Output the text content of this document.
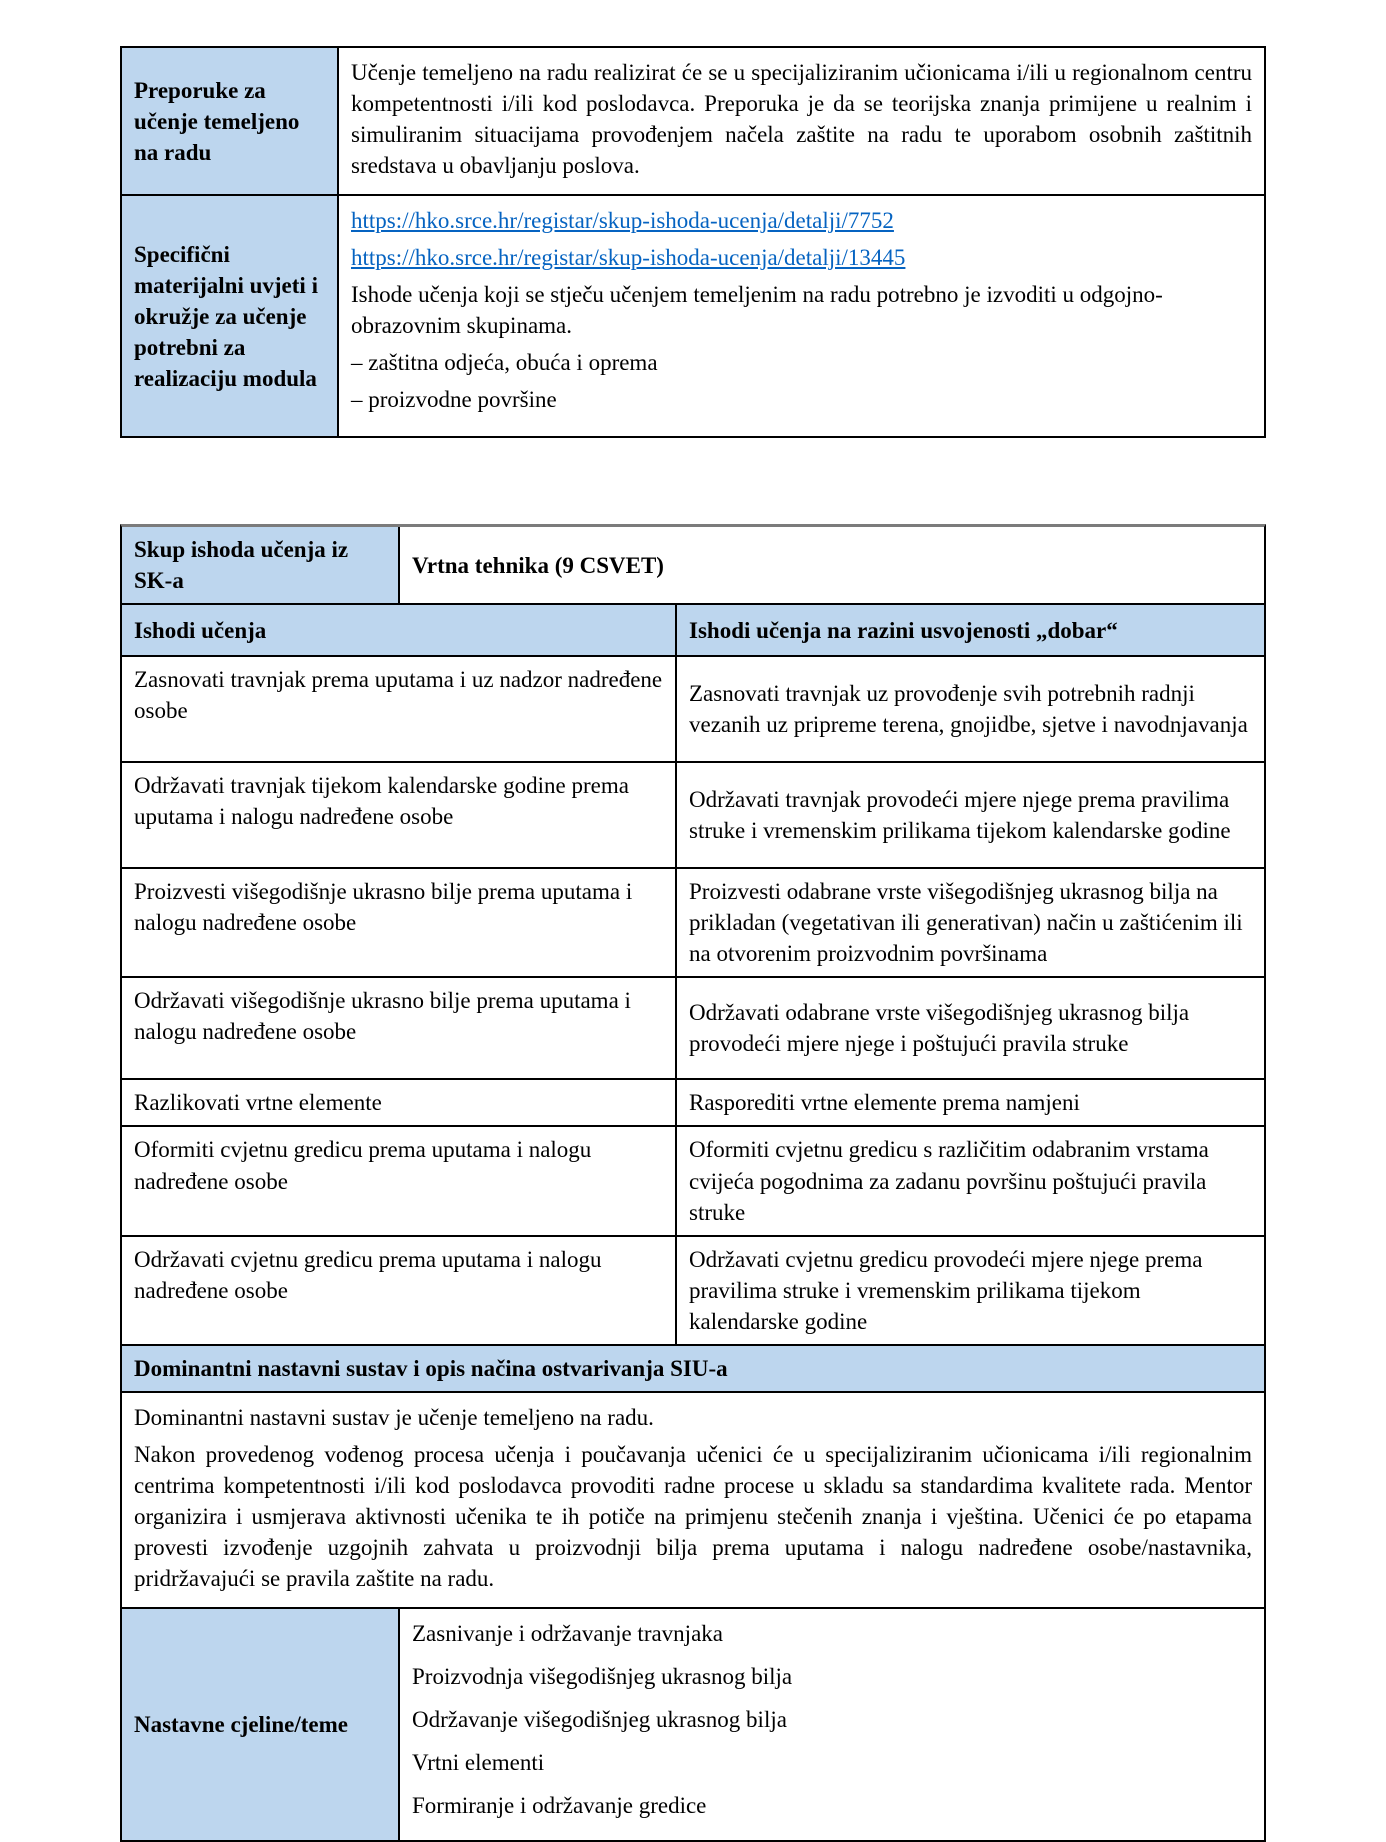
Preporuke za učenje temeljeno na radu

Učenje temeljeno na radu realizirat će se u specijaliziranim učionicama i/ili u regionalnom centru kompetentnosti i/ili kod poslodavca. Preporuka je da se teorijska znanja primijene u realnim i simuliranim situacijama provođenjem načela zaštite na radu te uporabom osobnih zaštitnih sredstava u obavljanju poslova.

Specifični materijalni uvjeti i okružje za učenje potrebni za realizaciju modula

https://hko.srce.hr/registar/skup-ishoda-ucenja/detalji/7752

https://hko.srce.hr/registar/skup-ishoda-ucenja/detalji/13445

Ishode učenja koji se stječu učenjem temeljenim na radu potrebno je izvoditi u odgojno-obrazovnim skupinama.

– zaštitna odjeća, obuća i oprema

– proizvodne površine

Skup ishoda učenja iz SK-a
Vrtna tehnika (9 CSVET)
Ishodi učenja	Ishodi učenja na razini usvojenosti „dobar“
Zasnovati travnjak prema uputama i uz nadzor nadređene osobe
Zasnovati travnjak uz provođenje svih potrebnih radnji vezanih uz pripreme terena, gnojidbe, sjetve i navodnjavanja
Održavati travnjak tijekom kalendarske godine prema uputama i nalogu nadređene osobe
Održavati travnjak provodeći mjere njege prema pravilima struke i vremenskim prilikama tijekom kalendarske godine
Proizvesti višegodišnje ukrasno bilje prema uputama i nalogu nadređene osobe
Proizvesti odabrane vrste višegodišnjeg ukrasnog bilja na prikladan (vegetativan ili generativan) način u zaštićenim ili na otvorenim proizvodnim površinama
Održavati višegodišnje ukrasno bilje prema uputama i nalogu nadređene osobe
Održavati odabrane vrste višegodišnjeg ukrasnog bilja provodeći mjere njege i poštujući pravila struke
Razlikovati vrtne elemente	Rasporediti vrtne elemente prema namjeni
Oformiti cvjetnu gredicu prema uputama i nalogu nadređene osobe
Oformiti cvjetnu gredicu s različitim odabranim vrstama cvijeća pogodnima za zadanu površinu poštujući pravila struke
Održavati cvjetnu gredicu prema uputama i nalogu nadređene osobe
Održavati cvjetnu gredicu provodeći mjere njege prema pravilima struke i vremenskim prilikama tijekom kalendarske godine
Dominantni nastavni sustav i opis načina ostvarivanja SIU-a

Dominantni nastavni sustav je učenje temeljeno na radu.

Nakon provedenog vođenog procesa učenja i poučavanja učenici će u specijaliziranim učionicama i/ili regionalnim centrima kompetentnosti i/ili kod poslodavca provoditi radne procese u skladu sa standardima kvalitete rada. Mentor organizira i usmjerava aktivnosti učenika te ih potiče na primjenu stečenih znanja i vještina. Učenici će po etapama provesti izvođenje uzgojnih zahvata u proizvodnji bilja prema uputama i nalogu nadređene osobe/nastavnika, pridržavajući se pravila zaštite na radu.

Nastavne cjeline/teme

Zasnivanje i održavanje travnjaka

Proizvodnja višegodišnjeg ukrasnog bilja

Održavanje višegodišnjeg ukrasnog bilja

Vrtni elementi

Formiranje i održavanje gredice
